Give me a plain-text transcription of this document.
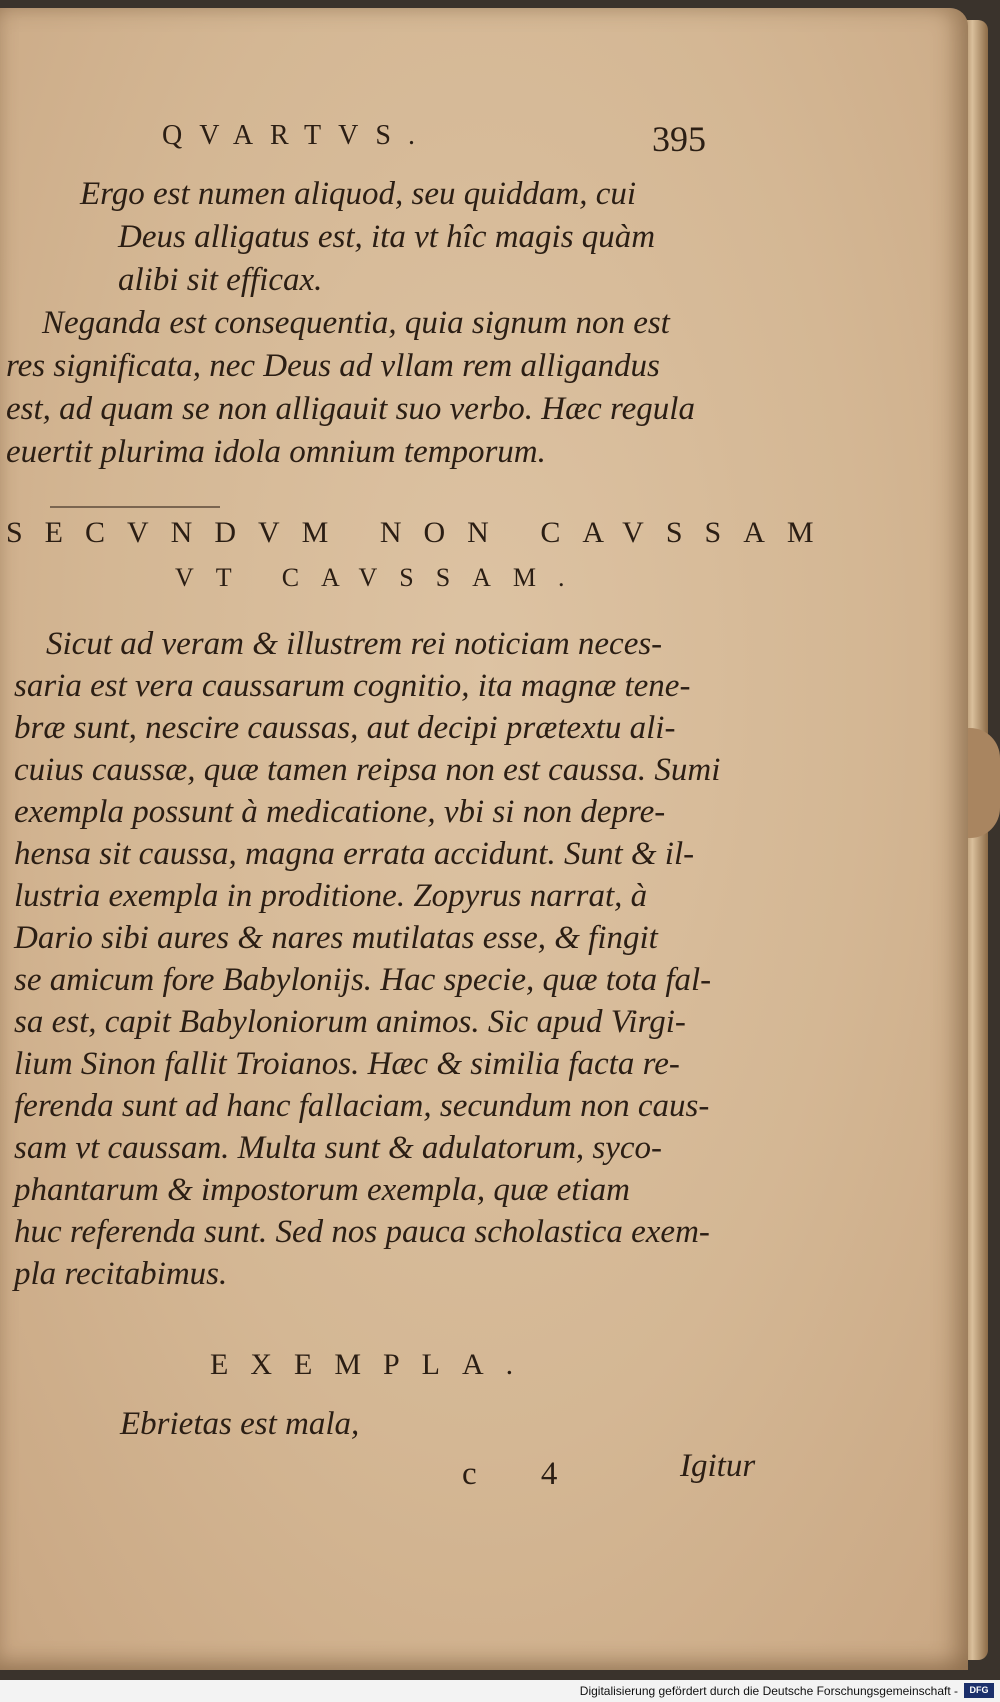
QVARTVS.	395
Ergo est numen aliquod, seu quiddam, cui
Deus alligatus est, ita vt hîc magis quàm
alibi sit efficax.
Neganda est consequentia, quia signum non est
res significata, nec Deus ad vllam rem alligandus
est, ad quam se non alligauit suo verbo. Hæc regula
euertit plurima idola omnium temporum.
SECVNDVM NON CAVSSAM
VT CAVSSAM.
Sicut ad veram & illustrem rei noticiam neces-
saria est vera caussarum cognitio, ita magnæ tene-
bræ sunt, nescire caussas, aut decipi prætextu ali-
cuius caussæ, quæ tamen reipsa non est caussa. Sumi
exempla possunt à medicatione, vbi si non depre-
hensa sit caussa, magna errata accidunt. Sunt & il-
lustria exempla in proditione. Zopyrus narrat, à
Dario sibi aures & nares mutilatas esse, & fingit
se amicum fore Babylonijs. Hac specie, quæ tota fal-
sa est, capit Babyloniorum animos. Sic apud Virgi-
lium Sinon fallit Troianos. Hæc & similia facta re-
ferenda sunt ad hanc fallaciam, secundum non caus-
sam vt caussam. Multa sunt & adulatorum, syco-
phantarum & impostorum exempla, quæ etiam
huc referenda sunt. Sed nos pauca scholastica exem-
pla recitabimus.
EXEMPLA.
Ebrietas est mala,
c 4	Igitur
Digitalisierung gefördert durch die Deutsche Forschungsgemeinschaft -	DFG
